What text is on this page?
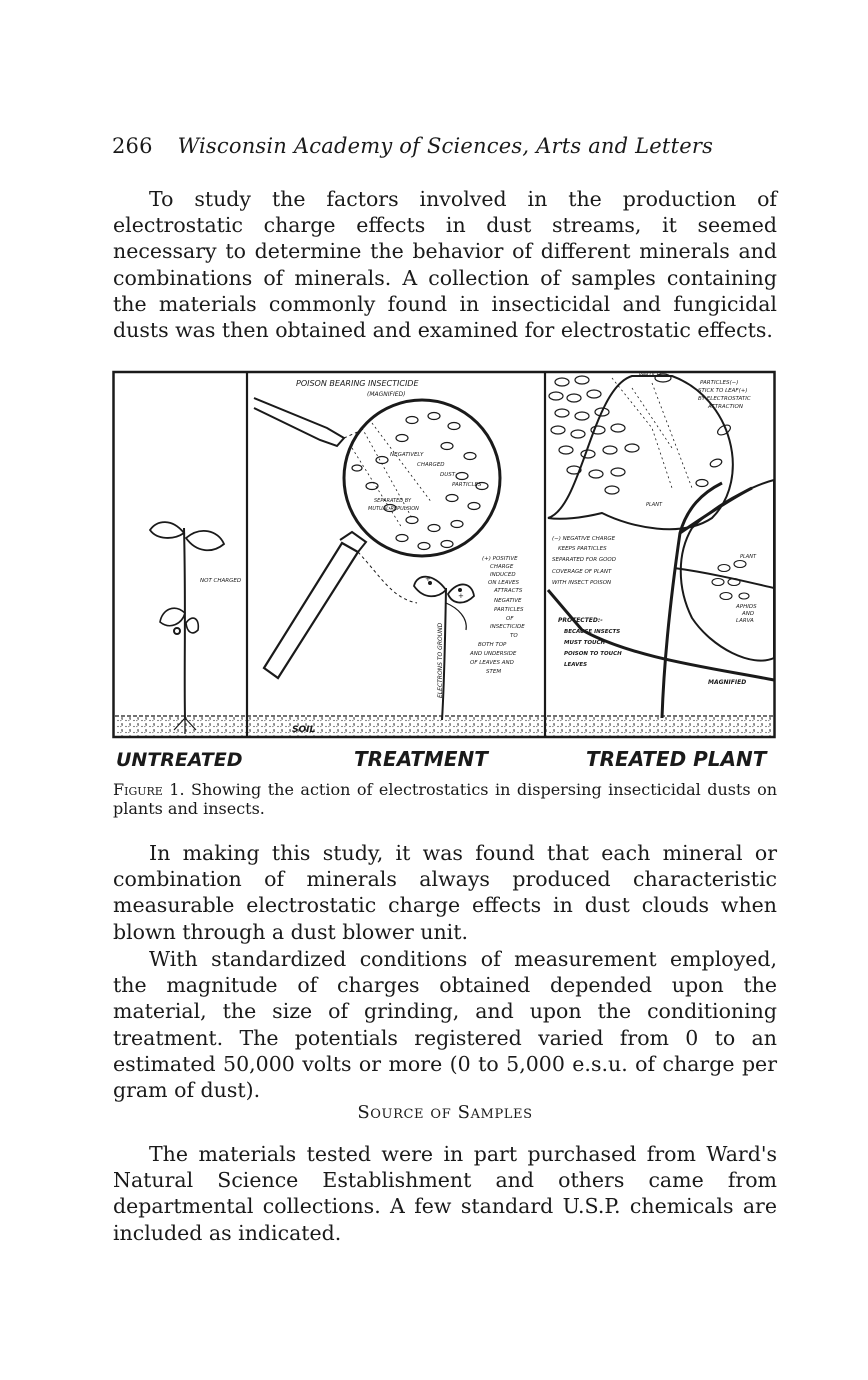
266 Wisconsin Academy of Sciences, Arts and Letters

To study the factors involved in the production of electrostatic charge effects in dust streams, it seemed necessary to determine the behavior of different minerals and combinations of minerals. A collection of samples containing the materials commonly found in insecticidal and fungicidal dusts was then obtained and examined for electrostatic effects.

SOIL
NOT CHARGED
POISON BEARING INSECTICIDE
(MAGNIFIED)
NEGATIVELY
CHARGED
DUST
PARTICLES
SEPARATED BY
MUTUAL REPULSION
+
+
(+) POSITIVE
CHARGE
INDUCED
ON LEAVES
ATTRACTS
NEGATIVE
PARTICLES
OF
INSECTICIDE
TO
BOTH TOP
AND UNDERSIDE
OF LEAVES AND
STEM
ELECTRONS TO GROUND
PARTICLE
PARTICLES(−)
STICK TO LEAF(+)
BY ELECTROSTATIC
ATTRACTION
PLANT
PLANT
APHIDS
AND
LARVA
(−) NEGATIVE CHARGE
KEEPS PARTICLES
SEPARATED FOR GOOD
COVERAGE OF PLANT
WITH INSECT POISON
PROTECTED:-
BECAUSE INSECTS
MUST TOUCH
POISON TO TOUCH
LEAVES
MAGNIFIED
UNTREATED	TREATMENT	TREATED PLANT

Figure 1. Showing the action of electrostatics in dispersing insecticidal dusts on plants and insects.

In making this study, it was found that each mineral or combination of minerals always produced characteristic measurable electrostatic charge effects in dust clouds when blown through a dust blower unit.

With standardized conditions of measurement employed, the magnitude of charges obtained depended upon the material, the size of grinding, and upon the conditioning treatment. The potentials registered varied from 0 to an estimated 50,000 volts or more (0 to 5,000 e.s.u. of charge per gram of dust).

Source of Samples

The materials tested were in part purchased from Ward's Natural Science Establishment and others came from departmental collections. A few standard U.S.P. chemicals are included as indicated.
